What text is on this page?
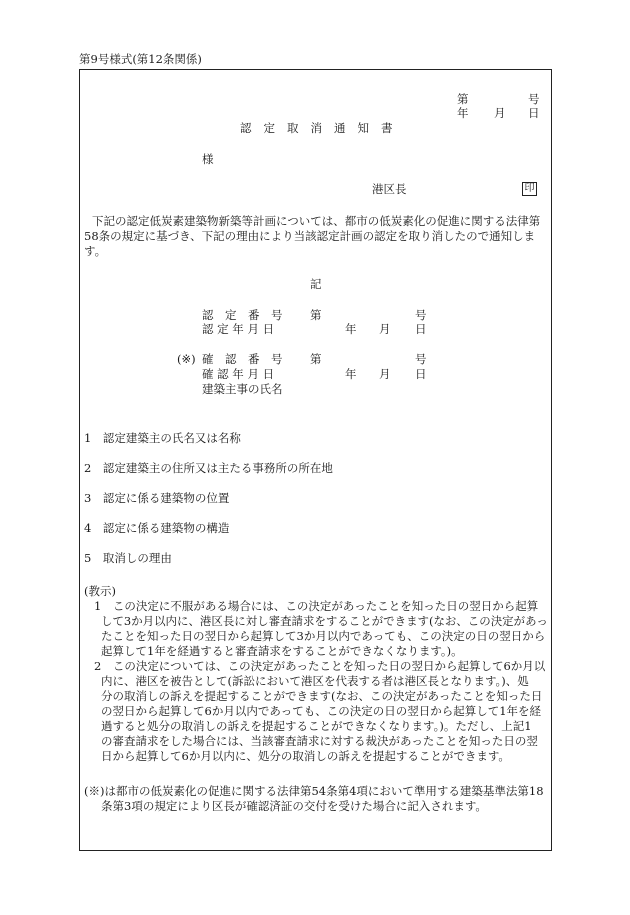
第9号様式(第12条関係)
第	号
年 月 日
認定取消通知書
様
港区長	印
下記の認定低炭素建築物新築等計画については、都市の低炭素化の促進に関する法律第
58条の規定に基づき、下記の理由により当該認定計画の認定を取り消したので通知しま
す。
記
認　定　番　号 第	号
認 定 年 月 日	年 月 日
(※) 確　認　番　号 第	号
確 認 年 月 日	年 月 日
建築主事の氏名
1　認定建築主の氏名又は名称
2　認定建築主の住所又は主たる事務所の所在地
3　認定に係る建築物の位置
4　認定に係る建築物の構造
5　取消しの理由
(教示)
1　この決定に不服がある場合には、この決定があったことを知った日の翌日から起算
して3か月以内に、港区長に対し審査請求をすることができます(なお、この決定があっ
たことを知った日の翌日から起算して3か月以内であっても、この決定の日の翌日から
起算して1年を経過すると審査請求をすることができなくなります。)。
2　この決定については、この決定があったことを知った日の翌日から起算して6か月以
内に、港区を被告として(訴訟において港区を代表する者は港区長となります。)、処
分の取消しの訴えを提起することができます(なお、この決定があったことを知った日
の翌日から起算して6か月以内であっても、この決定の日の翌日から起算して1年を経
過すると処分の取消しの訴えを提起することができなくなります。)。ただし、上記1
の審査請求をした場合には、当該審査請求に対する裁決があったことを知った日の翌
日から起算して6か月以内に、処分の取消しの訴えを提起することができます。
(※)は都市の低炭素化の促進に関する法律第54条第4項において準用する建築基準法第18
条第3項の規定により区長が確認済証の交付を受けた場合に記入されます。
